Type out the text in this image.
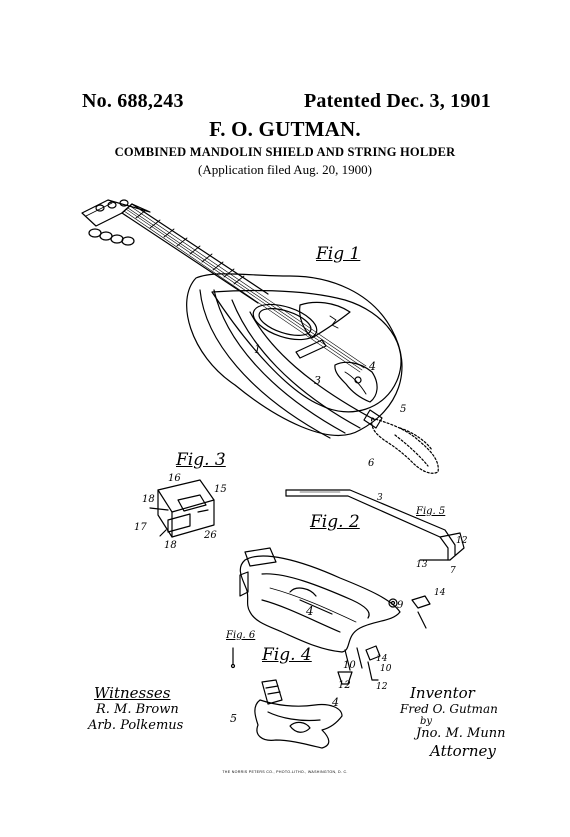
No. 688,243	Patented Dec. 3, 1901
F. O. GUTMAN.
COMBINED MANDOLIN SHIELD AND STRING HOLDER
(Application filed Aug. 20, 1900)
Fig 1
Fig. 3
Fig. 2
Fig. 5
Fig. 4
Fig. 6
1
3
4
5
6
16
15
18
17
26
18
3
13
12
7
14
9
4
10
12
14
10
12
5
4
Witnesses
R. M. Brown
Arb. Polkemus
Inventor
Fred O. Gutman
by
Jno. M. Munn
Attorney
THE NORRIS PETERS CO., PHOTO-LITHO., WASHINGTON, D. C.
